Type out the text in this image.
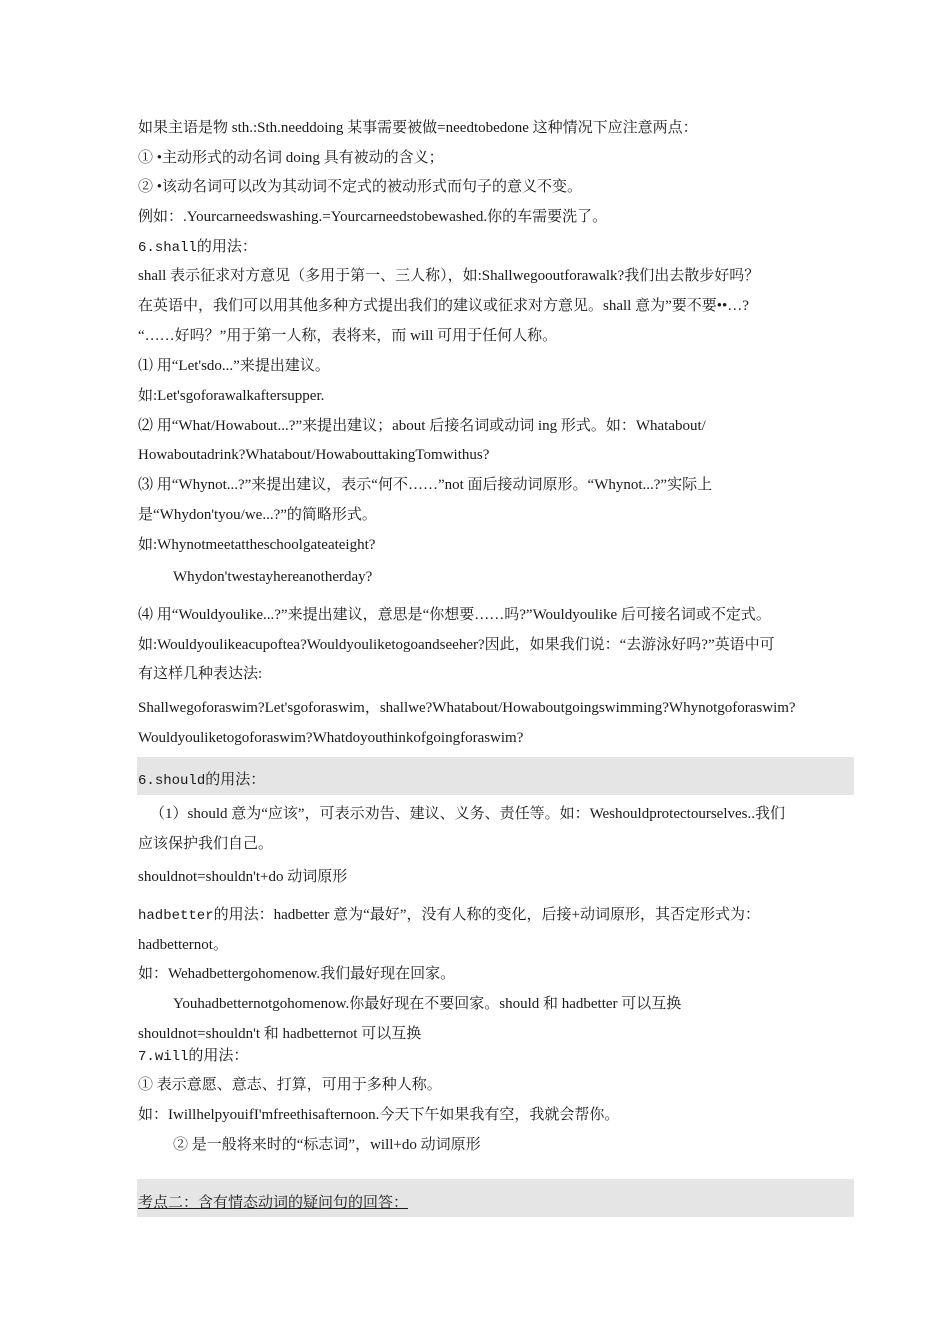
如果主语是物 sth.:Sth.needdoing 某事需要被做=needtobedone 这种情况下应注意两点：
① •主动形式的动名词 doing 具有被动的含义；
② •该动名词可以改为其动词不定式的被动形式而句子的意义不变。
例如：.Yourcarneedswashing.=Yourcarneedstobewashed.你的车需要洗了。
6.shall的用法：
shall 表示征求对方意见（多用于第一、三人称），如:Shallwegooutforawalk?我们出去散步好吗？
在英语中，我们可以用其他多种方式提出我们的建议或征求对方意见。shall 意为”要不要••…?
“……好吗？”用于第一人称，表将来，而 will 可用于任何人称。
⑴ 用“Let'sdo...”来提出建议。
如:Let'sgoforawalkaftersupper.
⑵ 用“What/Howabout...?”来提出建议；about 后接名词或动词 ing 形式。如：Whatabout/
Howaboutadrink?Whatabout/HowabouttakingTomwithus?
⑶ 用“Whynot...?”来提出建议，表示“何不……”not 面后接动词原形。“Whynot...?”实际上
是“Whydon'tyou/we...?”的简略形式。
如:Whynotmeetattheschoolgateateight?
Whydon'twestayhereanotherday?
⑷ 用“Wouldyoulike...?”来提出建议，意思是“你想要……吗?”Wouldyoulike 后可接名词或不定式。
如:Wouldyoulikeacupoftea?Wouldyouliketogoandseeher?因此，如果我们说：“去游泳好吗?”英语中可
有这样几种表达法:
Shallwegoforaswim?Let'sgoforaswim，shallwe?Whatabout/Howaboutgoingswimming?Whynotgoforaswim?
Wouldyouliketogoforaswim?Whatdoyouthinkofgoingforaswim?
6.should的用法：
（1）should 意为“应该”，可表示劝告、建议、义务、责任等。如：Weshouldprotectourselves..我们
应该保护我们自己。
shouldnot=shouldn't+do 动词原形
hadbetter的用法：hadbetter 意为“最好”，没有人称的变化，后接+动词原形，其否定形式为：
hadbetternot。
如：Wehadbettergohomenow.我们最好现在回家。
Youhadbetternotgohomenow.你最好现在不要回家。should 和 hadbetter 可以互换
shouldnot=shouldn't 和 hadbetternot 可以互换
7.will的用法：
① 表示意愿、意志、打算，可用于多种人称。
如：IwillhelpyouifI'mfreethisafternoon.今天下午如果我有空，我就会帮你。
② 是一般将来时的“标志词”，will+do 动词原形
考点二：含有情态动词的疑问句的回答：
